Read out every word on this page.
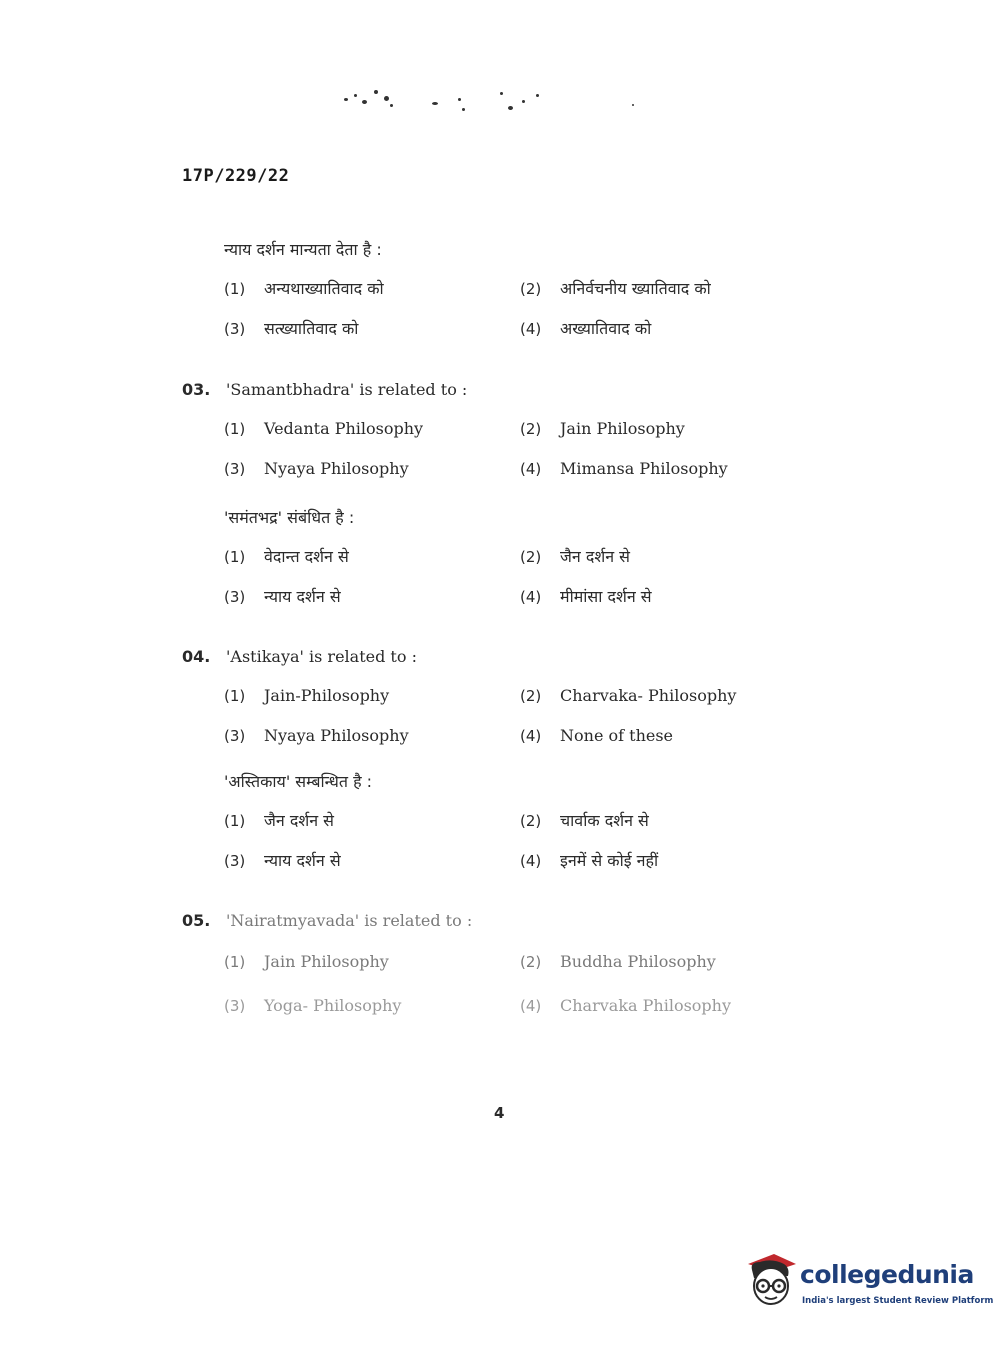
17P/229/22
न्याय दर्शन मान्यता देता है :
(1) अन्यथाख्यातिवाद को	(2) अनिर्वचनीय ख्यातिवाद को
(3) सत्ख्यातिवाद को	(4) अख्यातिवाद को
03. 'Samantbhadra' is related to :
(1) Vedanta Philosophy	(2) Jain Philosophy
(3) Nyaya Philosophy	(4) Mimansa Philosophy
'समंतभद्र' संबंधित है :
(1) वेदान्त दर्शन से	(2) जैन दर्शन से
(3) न्याय दर्शन से	(4) मीमांसा दर्शन से
04. 'Astikaya' is related to :
(1) Jain-Philosophy	(2) Charvaka- Philosophy
(3) Nyaya Philosophy	(4) None of these
'अस्तिकाय' सम्बन्धित है :
(1) जैन दर्शन से	(2) चार्वाक दर्शन से
(3) न्याय दर्शन से	(4) इनमें से कोई नहीं
05. 'Nairatmyavada' is related to :
(1) Jain Philosophy	(2) Buddha Philosophy
(3) Yoga- Philosophy	(4) Charvaka Philosophy
4
collegedunia
India's largest Student Review Platform
